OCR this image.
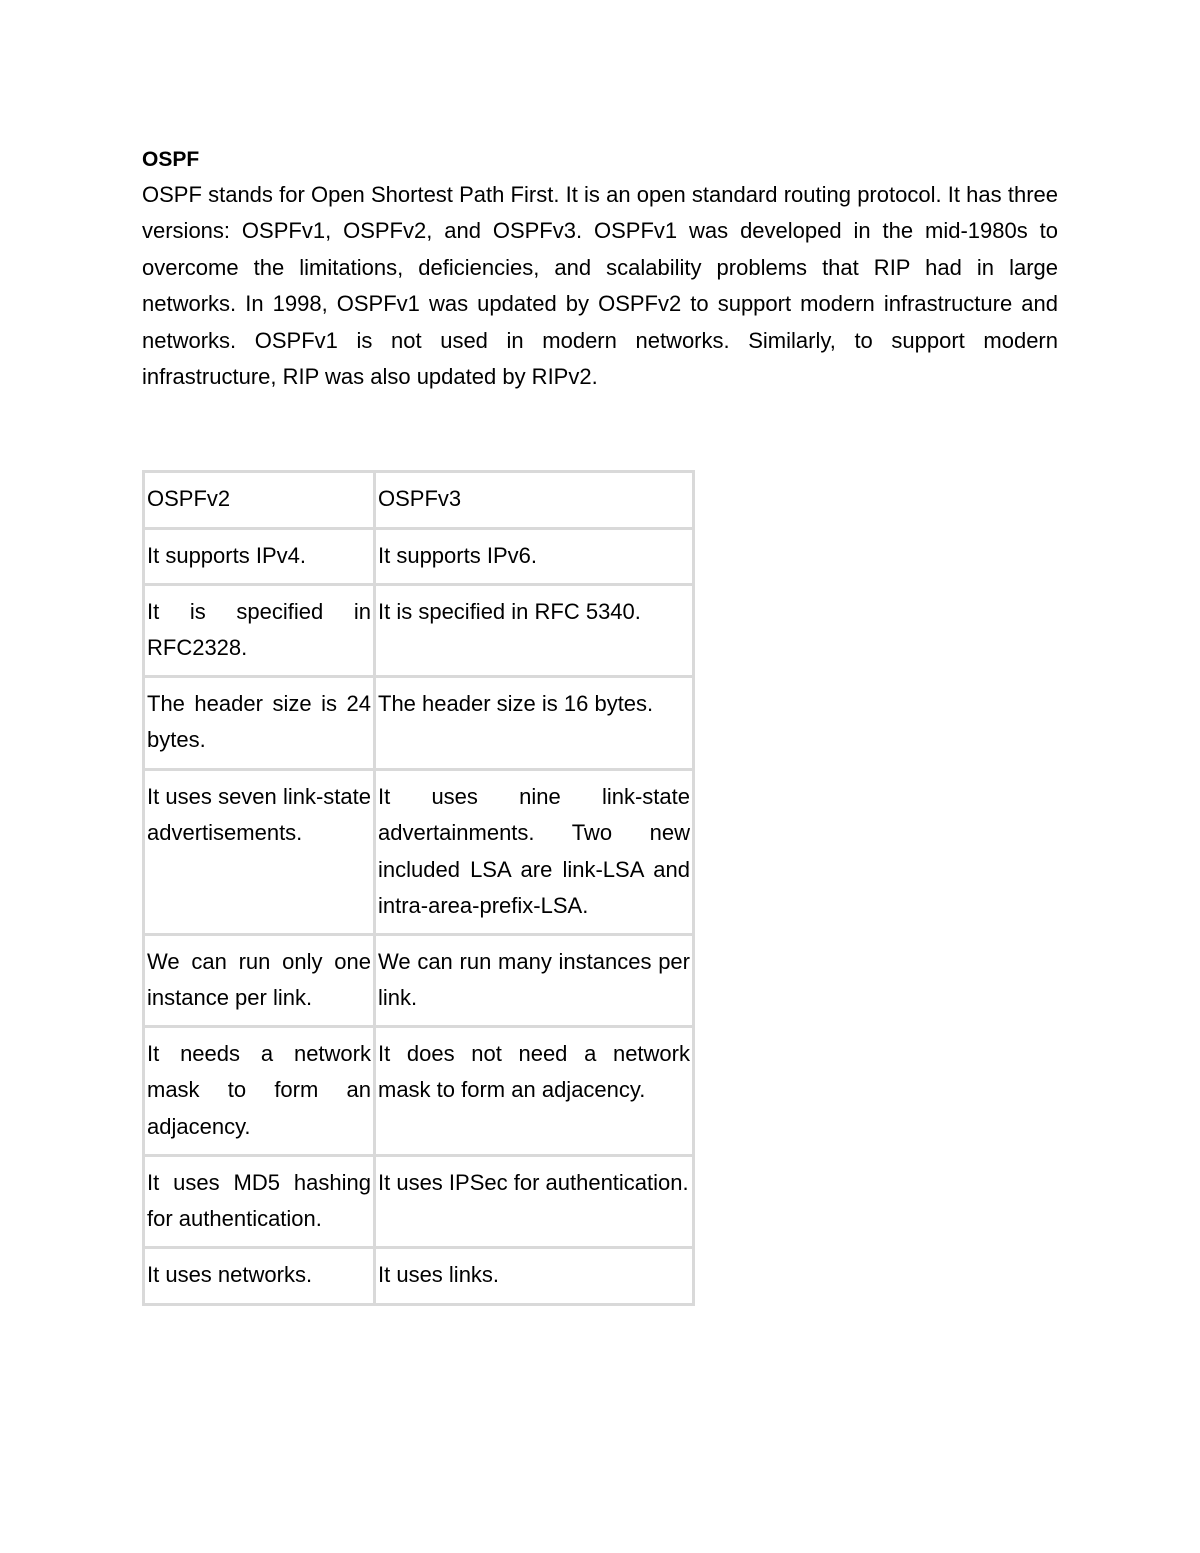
OSPF

OSPF stands for Open Shortest Path First. It is an open standard routing protocol. It has three versions: OSPFv1, OSPFv2, and OSPFv3. OSPFv1 was developed in the mid-1980s to overcome the limitations, deficiencies, and scalability problems that RIP had in large networks. In 1998, OSPFv1 was updated by OSPFv2 to support modern infrastructure and networks. OSPFv1 is not used in modern networks. Similarly, to support modern infrastructure, RIP was also updated by RIPv2.

OSPFv2	OSPFv3
It supports IPv4.	It supports IPv6.
It is specified in RFC2328.	It is specified in RFC 5340.
The header size is 24 bytes.	The header size is 16 bytes.
It uses seven link-state advertisements.	It uses nine link-state advertainments. Two new included LSA are link-LSA and intra-area-prefix-LSA.
We can run only one instance per link.	We can run many instances per link.
It needs a network mask to form an adjacency.	It does not need a network mask to form an adjacency.
It uses MD5 hashing for authentication.	It uses IPSec for authentication.
It uses networks.	It uses links.
